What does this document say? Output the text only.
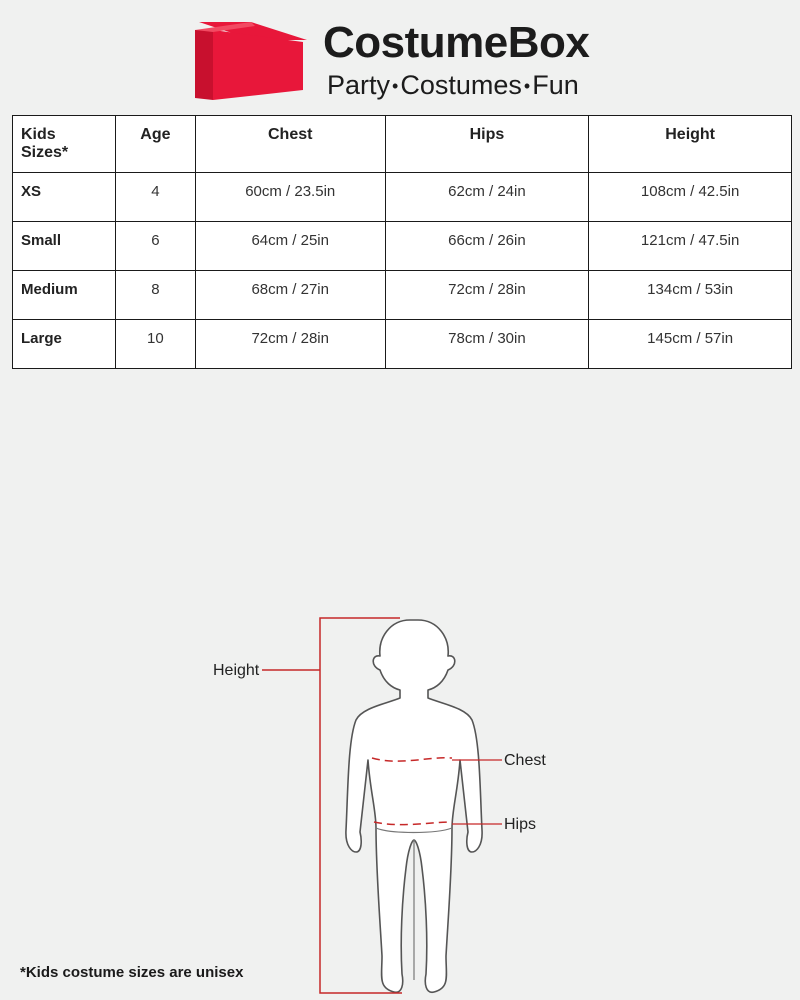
CostumeBox
Party •Costumes •Fun
Kids Sizes*	Age	Chest	Hips	Height
XS	4	60cm / 23.5in	62cm / 24in	108cm / 42.5in
Small	6	64cm / 25in	66cm / 26in	121cm / 47.5in
Medium	8	68cm / 27in	72cm / 28in	134cm / 53in
Large	10	72cm / 28in	78cm / 30in	145cm / 57in
Height
Chest
Hips
*Kids costume sizes are unisex
